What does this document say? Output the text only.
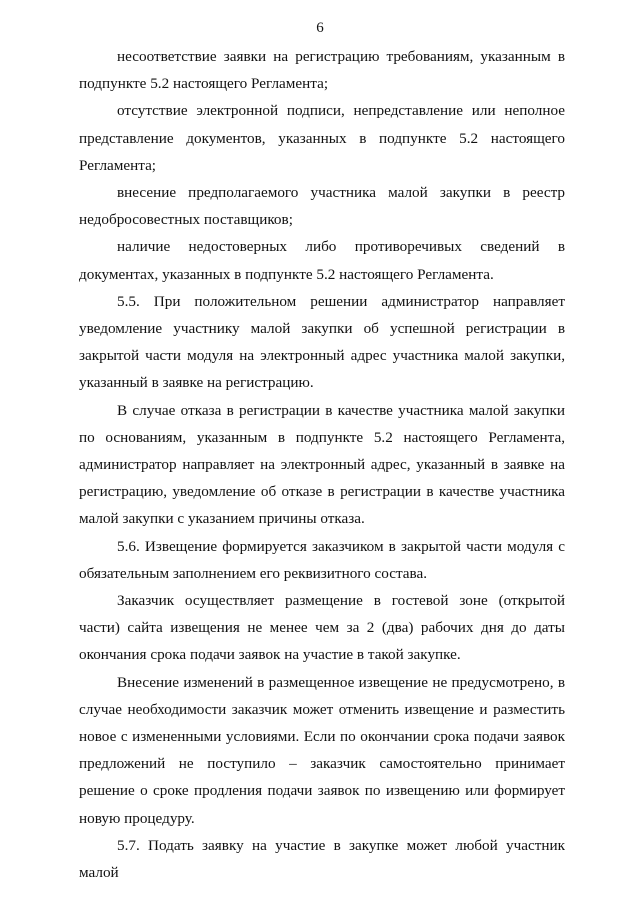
6

несоответствие заявки на регистрацию требованиям, указанным в подпункте 5.2 настоящего Регламента;

отсутствие электронной подписи, непредставление или неполное представление документов, указанных в подпункте 5.2 настоящего Регламента;

внесение предполагаемого участника малой закупки в реестр недобросовестных поставщиков;

наличие недостоверных либо противоречивых сведений в документах, указанных в подпункте 5.2 настоящего Регламента.

5.5. При положительном решении администратор направляет уведомление участнику малой закупки об успешной регистрации в закрытой части модуля на электронный адрес участника малой закупки, указанный в заявке на регистрацию.

В случае отказа в регистрации в качестве участника малой закупки по основаниям, указанным в подпункте 5.2 настоящего Регламента, администратор направляет на электронный адрес, указанный в заявке на регистрацию, уведомление об отказе в регистрации в качестве участника малой закупки с указанием причины отказа.

5.6. Извещение формируется заказчиком в закрытой части модуля с обязательным заполнением его реквизитного состава.

Заказчик осуществляет размещение в гостевой зоне (открытой части) сайта извещения не менее чем за 2 (два) рабочих дня до даты окончания срока подачи заявок на участие в такой закупке.

Внесение изменений в размещенное извещение не предусмотрено, в случае необходимости заказчик может отменить извещение и разместить новое с измененными условиями. Если по окончании срока подачи заявок предложений не поступило – заказчик самостоятельно принимает решение о сроке продления подачи заявок по извещению или формирует новую процедуру.

5.7. Подать заявку на участие в закупке может любой участник малой
